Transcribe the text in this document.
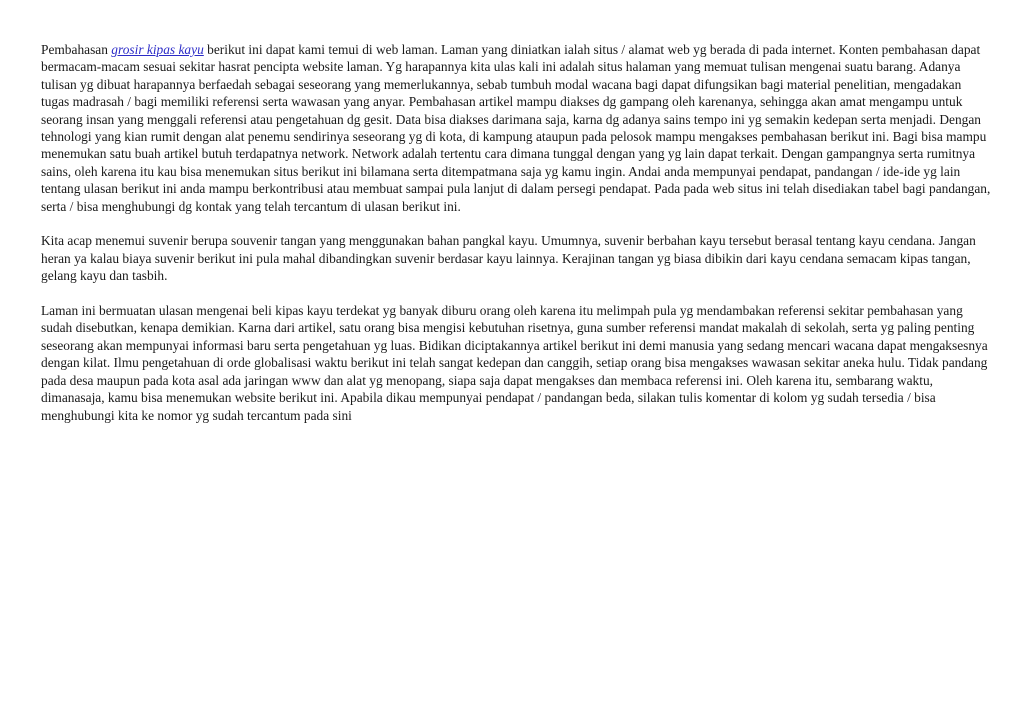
Pembahasan grosir kipas kayu berikut ini dapat kami temui di web laman. Laman yang diniatkan ialah situs / alamat web yg berada di pada internet. Konten pembahasan dapat bermacam-macam sesuai sekitar hasrat pencipta website laman. Yg harapannya kita ulas kali ini adalah situs halaman yang memuat tulisan mengenai suatu barang. Adanya tulisan yg dibuat harapannya berfaedah sebagai seseorang yang memerlukannya, sebab tumbuh modal wacana bagi dapat difungsikan bagi material penelitian, mengadakan tugas madrasah / bagi memiliki referensi serta wawasan yang anyar. Pembahasan artikel mampu diakses dg gampang oleh karenanya, sehingga akan amat mengampu untuk seorang insan yang menggali referensi atau pengetahuan dg gesit. Data bisa diakses darimana saja, karna dg adanya sains tempo ini yg semakin kedepan serta menjadi. Dengan tehnologi yang kian rumit dengan alat penemu sendirinya seseorang yg di kota, di kampung ataupun pada pelosok mampu mengakses pembahasan berikut ini. Bagi bisa mampu menemukan satu buah artikel butuh terdapatnya network. Network adalah tertentu cara dimana tunggal dengan yang yg lain dapat terkait. Dengan gampangnya serta rumitnya sains, oleh karena itu kau bisa menemukan situs berikut ini bilamana serta ditempatmana saja yg kamu ingin. Andai anda mempunyai pendapat, pandangan / ide-ide yg lain tentang ulasan berikut ini anda mampu berkontribusi atau membuat sampai pula lanjut di dalam persegi pendapat. Pada pada web situs ini telah disediakan tabel bagi pandangan, serta / bisa menghubungi dg kontak yang telah tercantum di ulasan berikut ini.

Kita acap menemui suvenir berupa souvenir tangan yang menggunakan bahan pangkal kayu. Umumnya, suvenir berbahan kayu tersebut berasal tentang kayu cendana. Jangan heran ya kalau biaya suvenir berikut ini pula mahal dibandingkan suvenir berdasar kayu lainnya. Kerajinan tangan yg biasa dibikin dari kayu cendana semacam kipas tangan, gelang kayu dan tasbih.

Laman ini bermuatan ulasan mengenai beli kipas kayu terdekat yg banyak diburu orang oleh karena itu melimpah pula yg mendambakan referensi sekitar pembahasan yang sudah disebutkan, kenapa demikian. Karna dari artikel, satu orang bisa mengisi kebutuhan risetnya, guna sumber referensi mandat makalah di sekolah, serta yg paling penting seseorang akan mempunyai informasi baru serta pengetahuan yg luas. Bidikan diciptakannya artikel berikut ini demi manusia yang sedang mencari wacana dapat mengaksesnya dengan kilat. Ilmu pengetahuan di orde globalisasi waktu berikut ini telah sangat kedepan dan canggih, setiap orang bisa mengakses wawasan sekitar aneka hulu. Tidak pandang pada desa maupun pada kota asal ada jaringan www dan alat yg menopang, siapa saja dapat mengakses dan membaca referensi ini. Oleh karena itu, sembarang waktu, dimanasaja, kamu bisa menemukan website berikut ini. Apabila dikau mempunyai pendapat / pandangan beda, silakan tulis komentar di kolom yg sudah tersedia / bisa menghubungi kita ke nomor yg sudah tercantum pada sini
